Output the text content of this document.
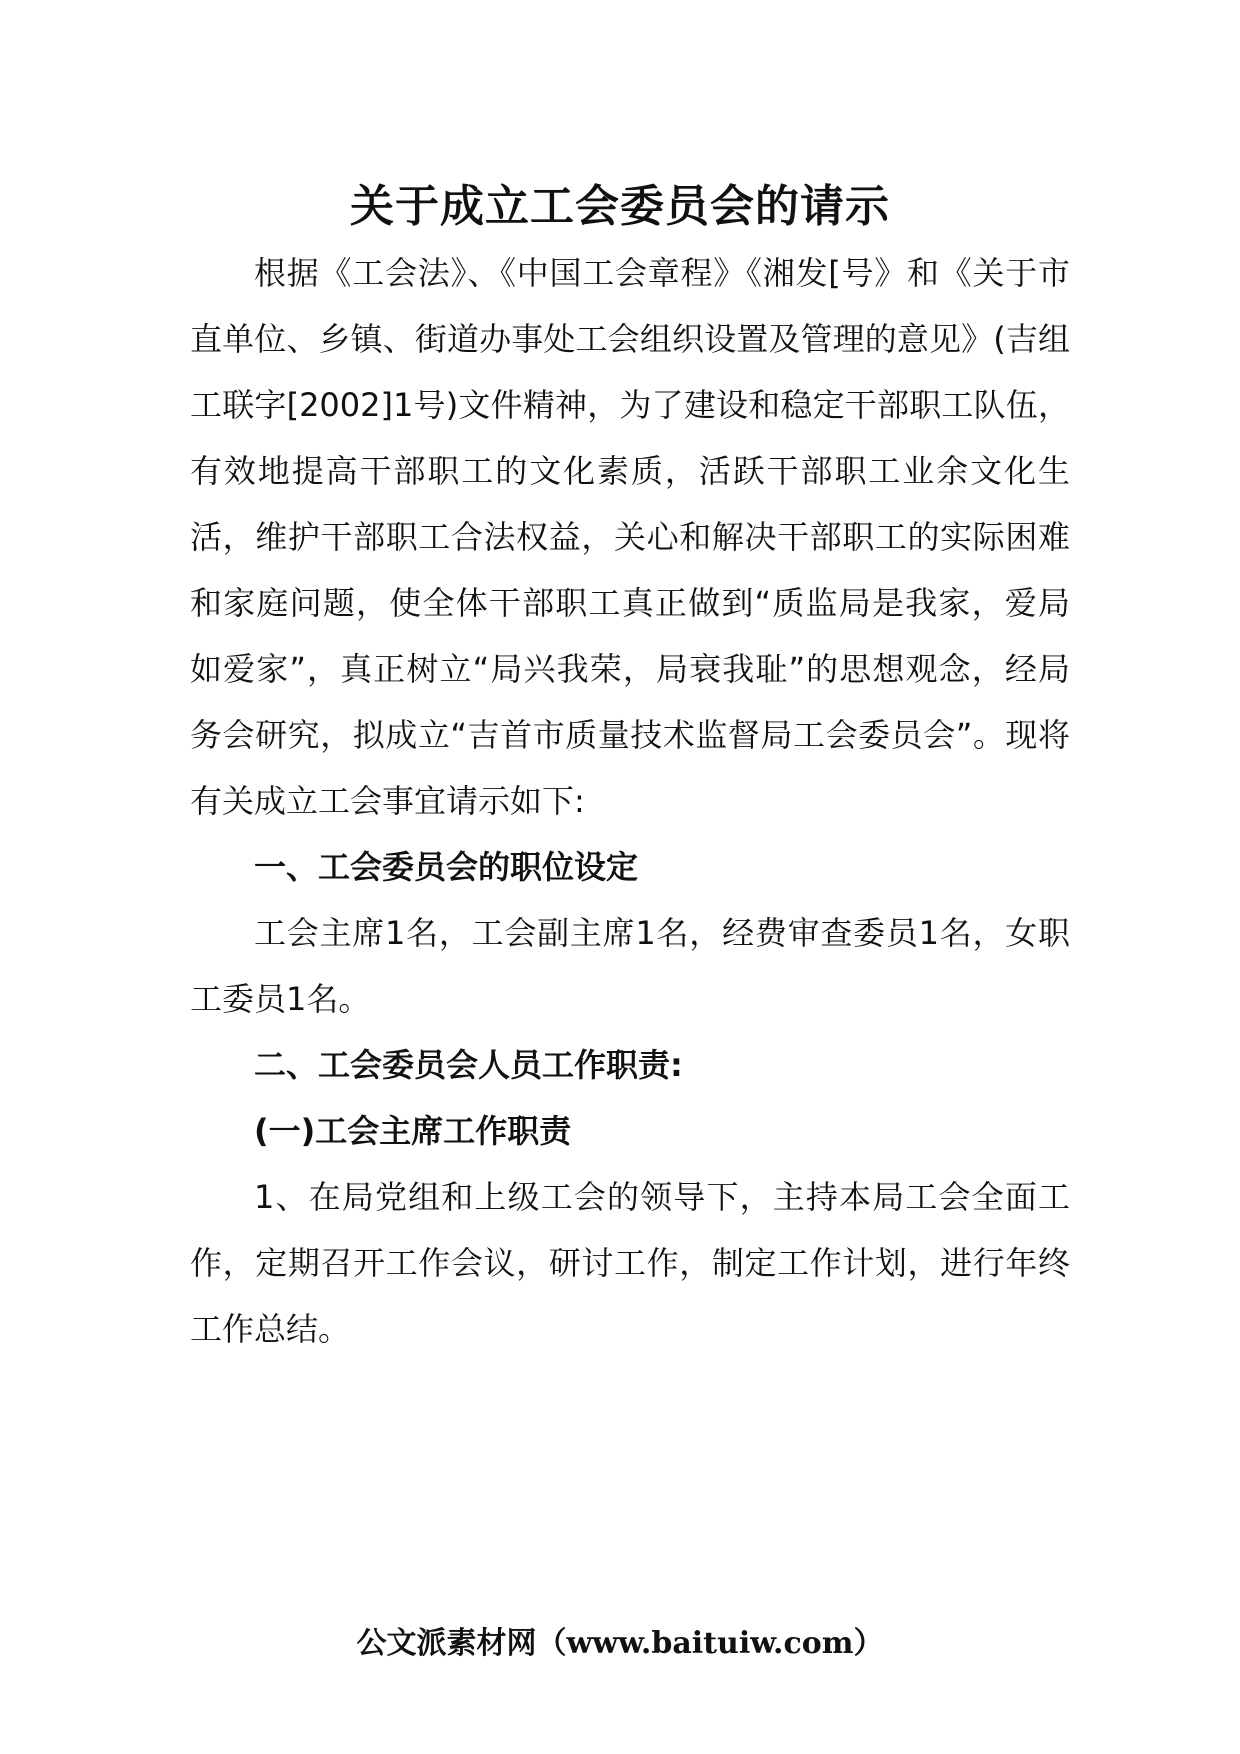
关于成立工会委员会的请示

根据《工会法》、《中国工会章程》《湘发[号》和《关于市直单位、乡镇、街道办事处工会组织设置及管理的意见》(吉组工联字[2002]1号)文件精神，为了建设和稳定干部职工队伍，有效地提高干部职工的文化素质，活跃干部职工业余文化生活，维护干部职工合法权益，关心和解决干部职工的实际困难和家庭问题，使全体干部职工真正做到“质监局是我家，爱局如爱家”，真正树立“局兴我荣，局衰我耻”的思想观念，经局务会研究，拟成立“吉首市质量技术监督局工会委员会”。现将有关成立工会事宜请示如下:

一、工会委员会的职位设定

工会主席1名，工会副主席1名，经费审查委员1名，女职工委员1名。

二、工会委员会人员工作职责:

(一)工会主席工作职责

1、在局党组和上级工会的领导下，主持本局工会全面工作，定期召开工作会议，研讨工作，制定工作计划，进行年终工作总结。

公文派素材网（www.baituiw.com）
